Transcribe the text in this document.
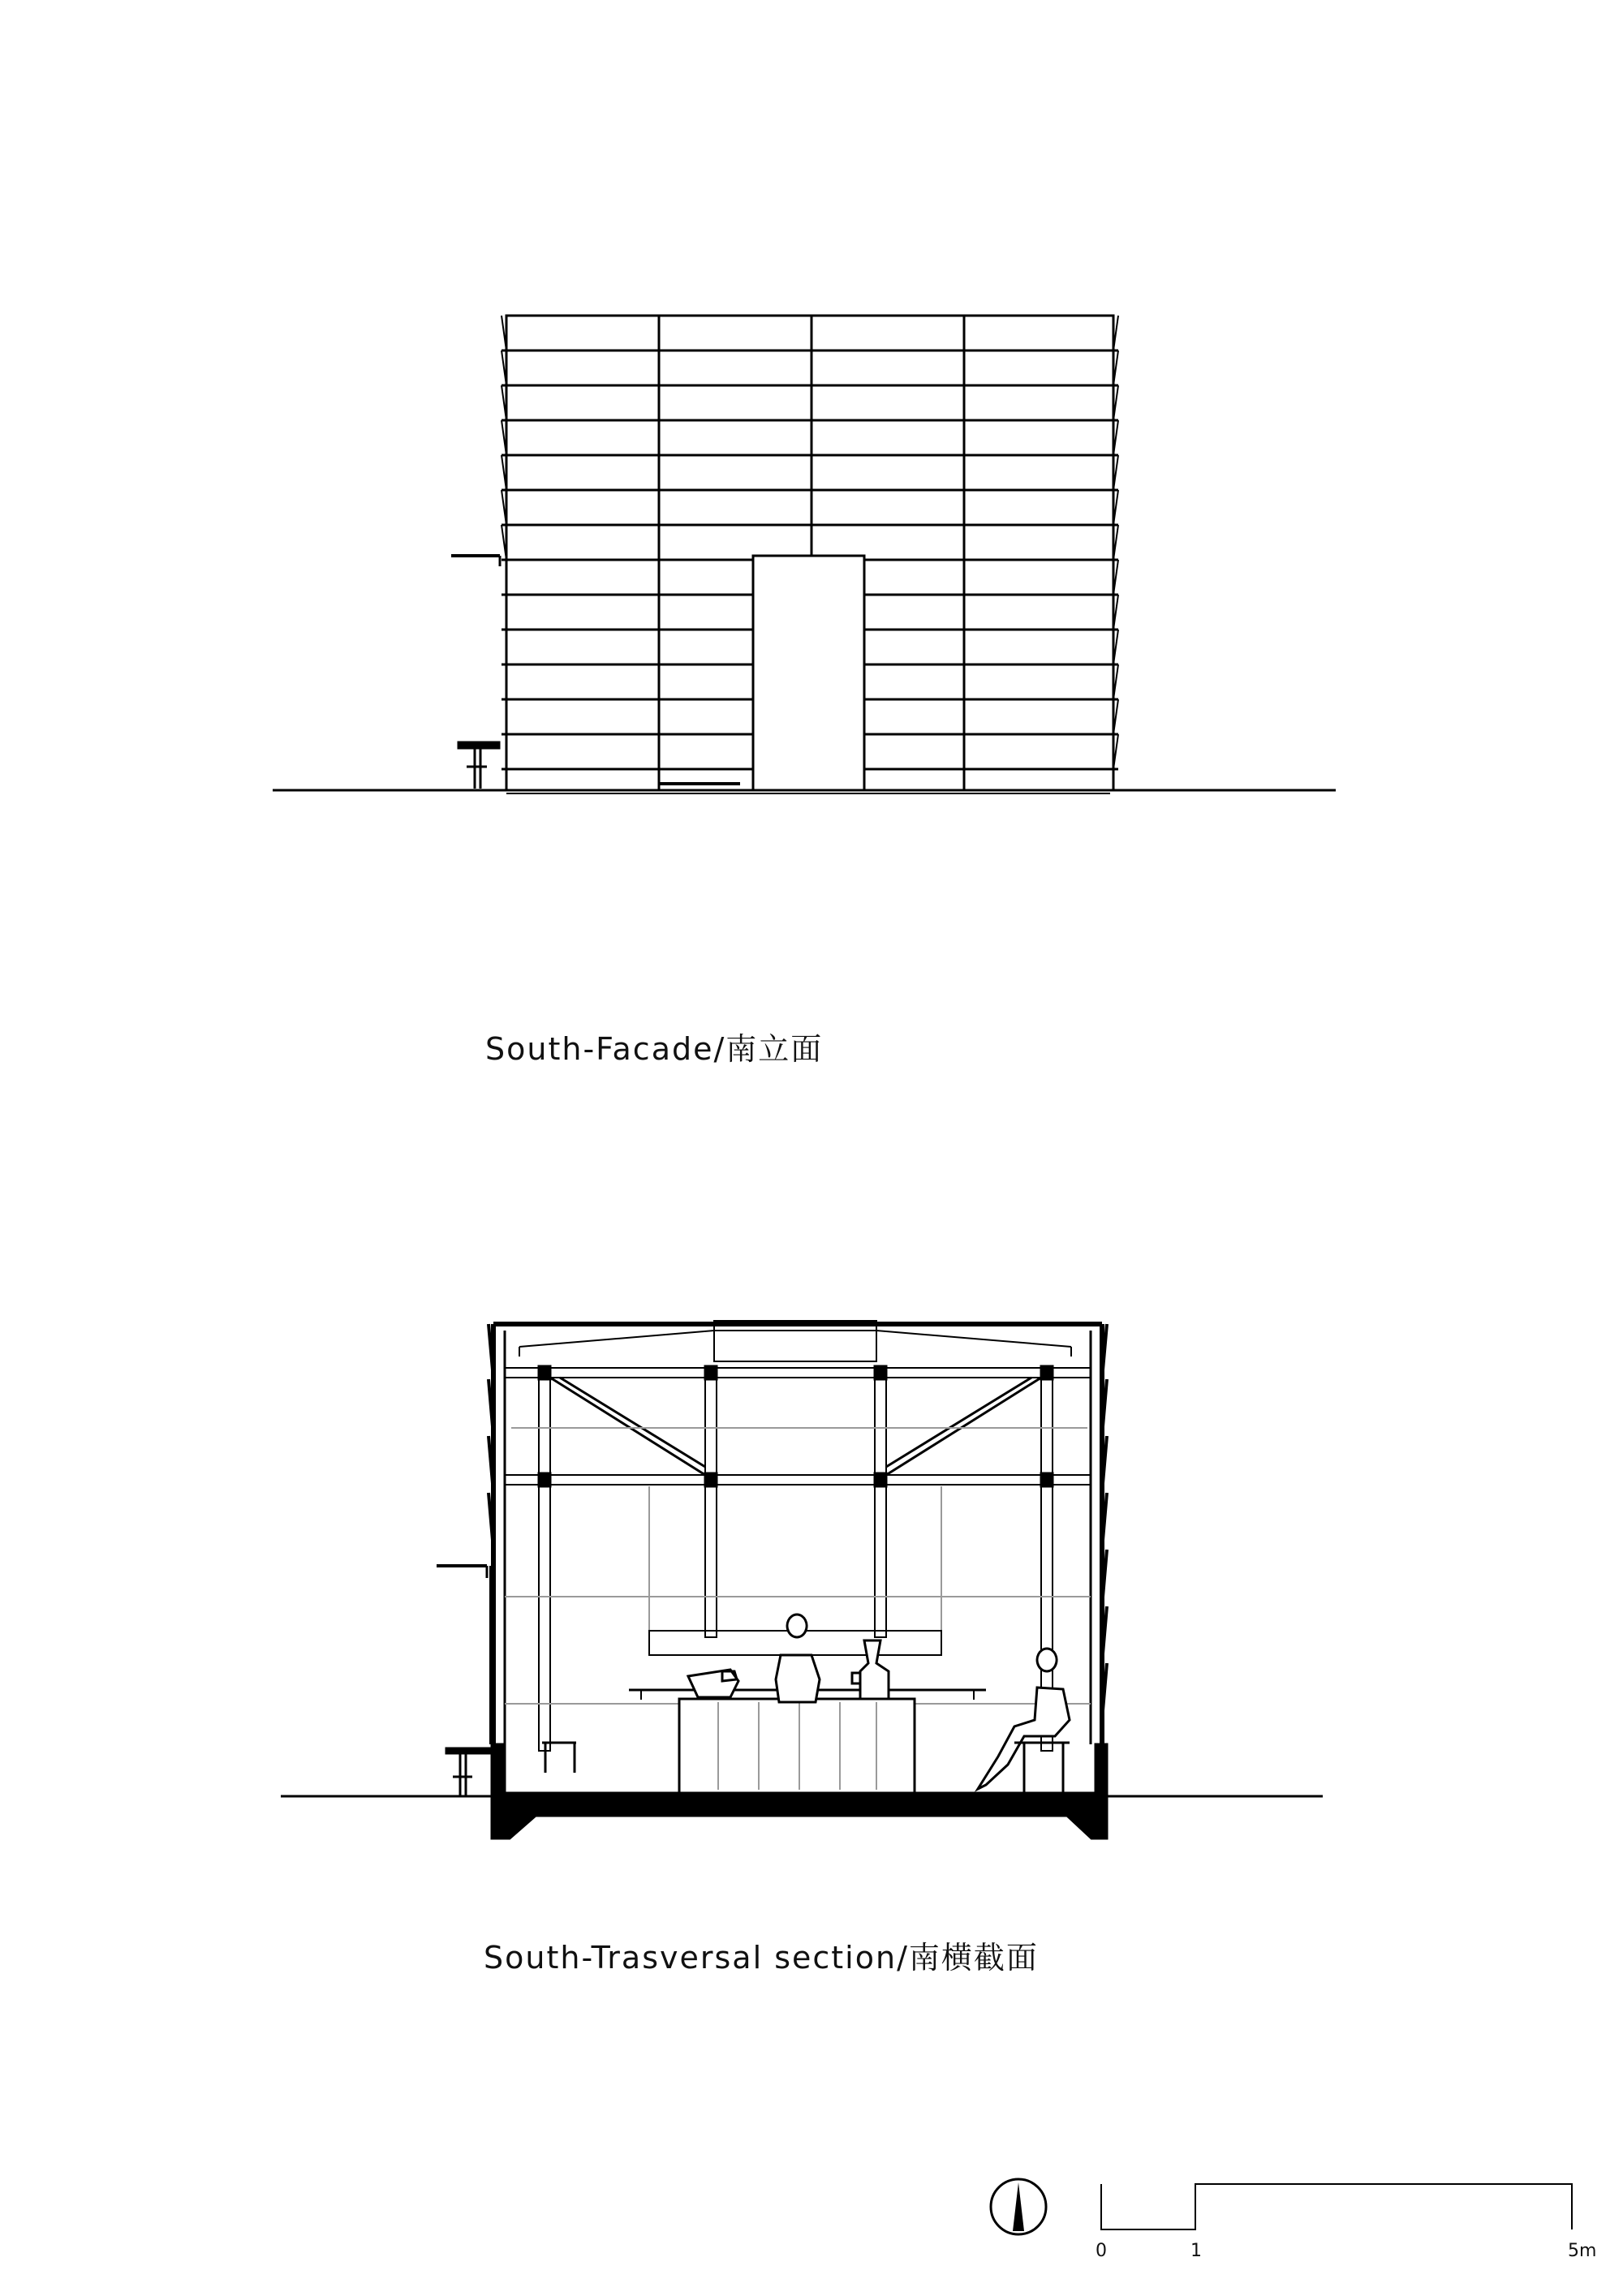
South-Facade/南立面
South-Trasversal section/南横截面
0	1	5m
